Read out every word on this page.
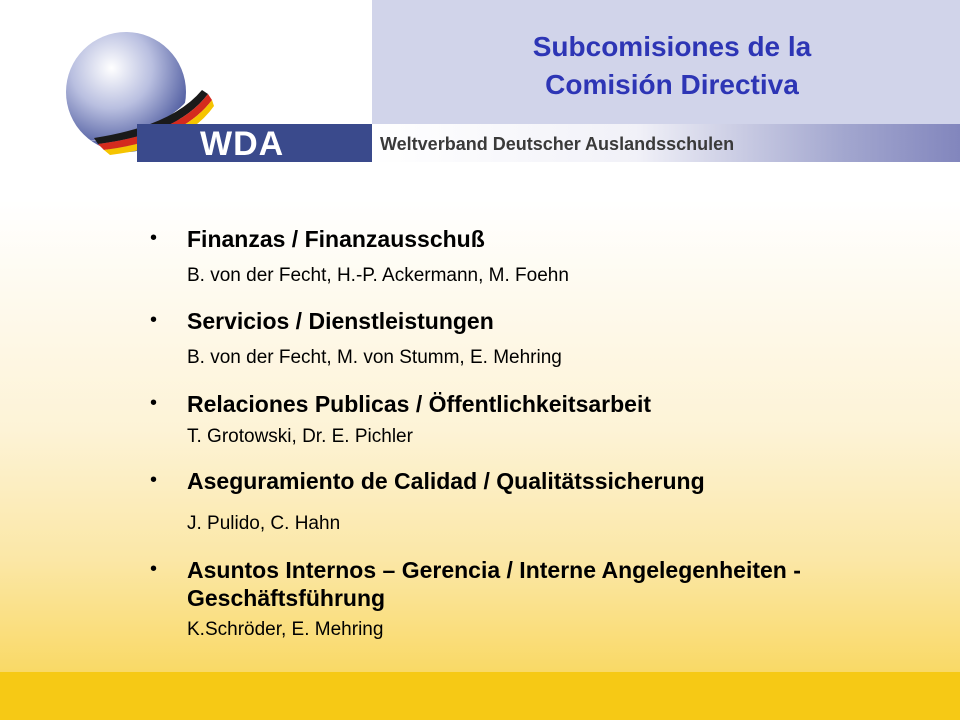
Subcomisiones de la
Comisión Directiva
WDA	Weltverband Deutscher Auslandsschulen
• Finanzas / Finanzausschuß
B. von der Fecht, H.-P. Ackermann, M. Foehn
• Servicios / Dienstleistungen
B. von der Fecht, M. von Stumm, E. Mehring
• Relaciones Publicas / Öffentlichkeitsarbeit
T. Grotowski, Dr. E. Pichler
• Aseguramiento de Calidad / Qualitätssicherung
J. Pulido, C. Hahn
• Asuntos Internos – Gerencia / Interne Angelegenheiten - Geschäftsführung
K.Schröder, E. Mehring
